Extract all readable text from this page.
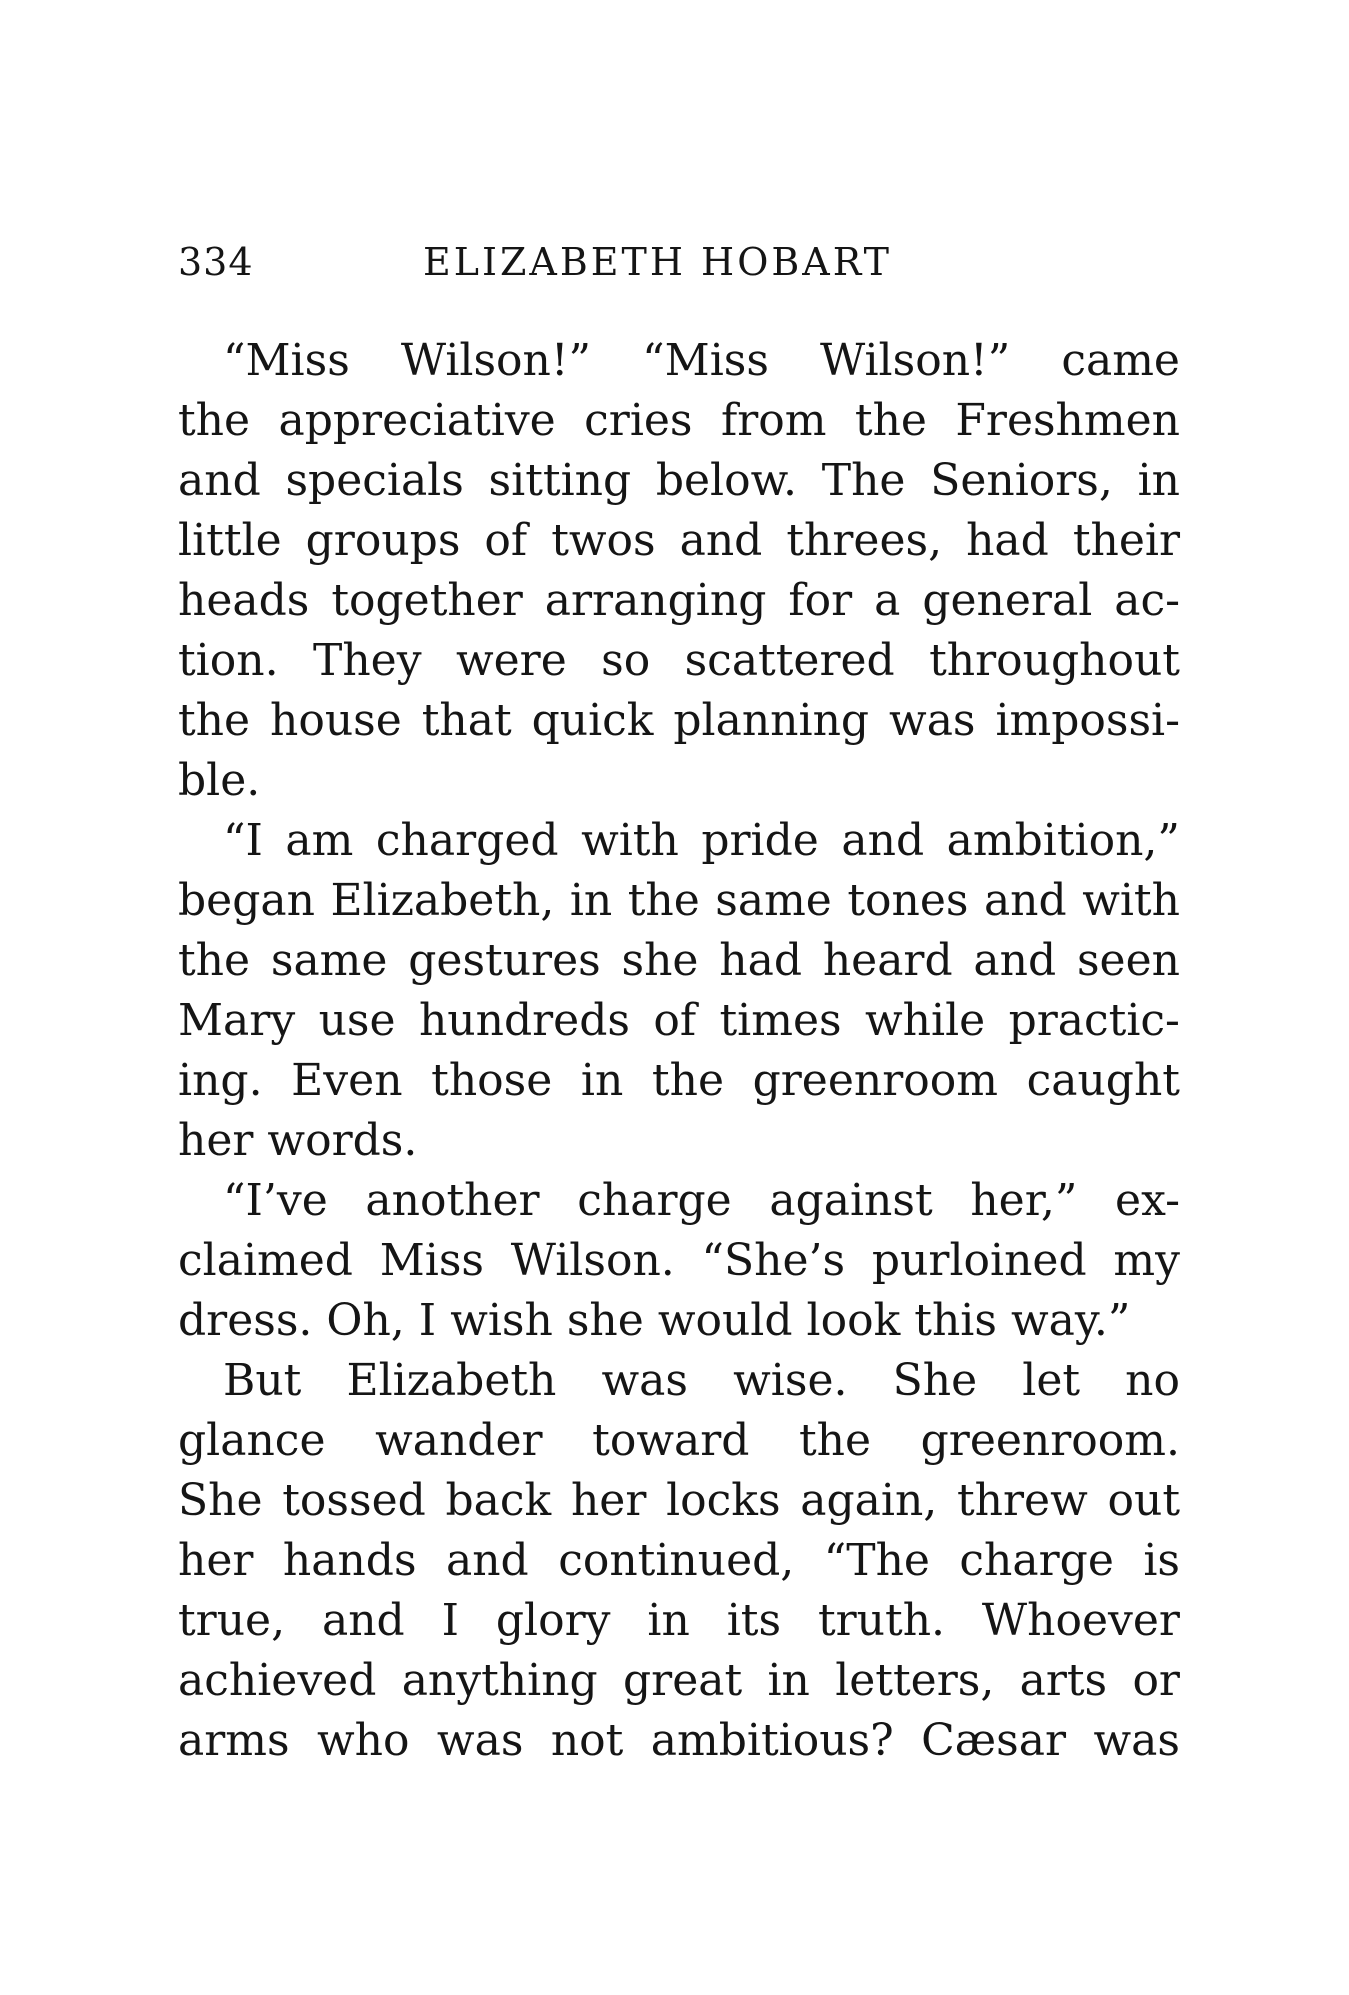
334	ELIZABETH HOBART
“Miss Wilson!” “Miss Wilson!” came
the appreciative cries from the Freshmen
and specials sitting below. The Seniors, in
little groups of twos and threes, had their
heads together arranging for a general ac-
tion. They were so scattered throughout
the house that quick planning was impossi-
ble.
“I am charged with pride and ambition,”
began Elizabeth, in the same tones and with
the same gestures she had heard and seen
Mary use hundreds of times while practic-
ing. Even those in the greenroom caught
her words.
“I’ve another charge against her,” ex-
claimed Miss Wilson. “She’s purloined my
dress. Oh, I wish she would look this way.”
But Elizabeth was wise. She let no
glance wander toward the greenroom.
She tossed back her locks again, threw out
her hands and continued, “The charge is
true, and I glory in its truth. Whoever
achieved anything great in letters, arts or
arms who was not ambitious? Cæsar was
